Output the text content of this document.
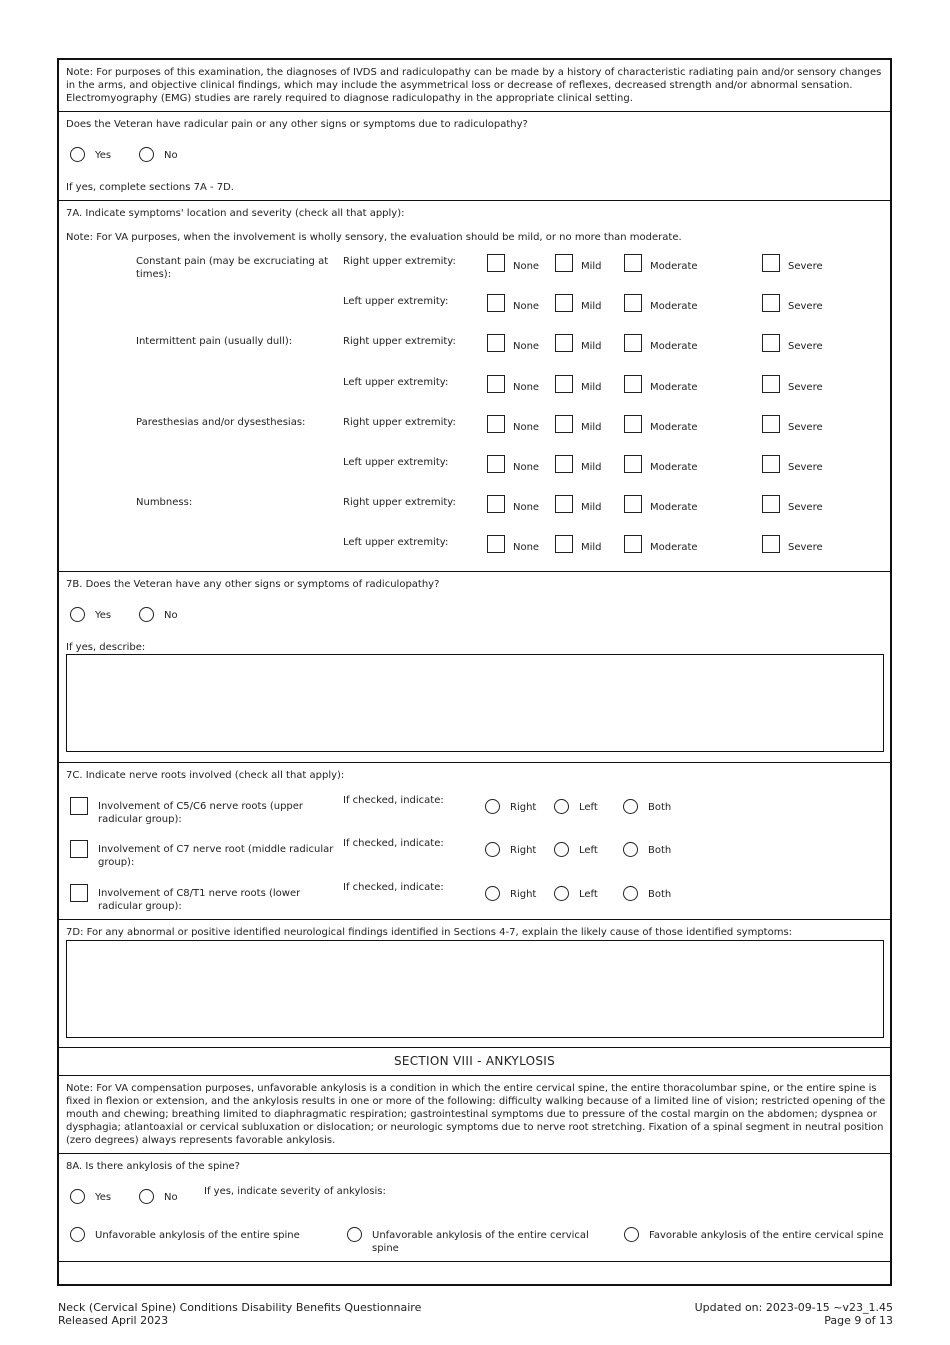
Note: For purposes of this examination, the diagnoses of IVDS and radiculopathy can be made by a history of characteristic radiating pain and/or sensory changes in the arms, and objective clinical findings, which may include the asymmetrical loss or decrease of reflexes, decreased strength and/or abnormal sensation. Electromyography (EMG) studies are rarely required to diagnose radiculopathy in the appropriate clinical setting.
Does the Veteran have radicular pain or any other signs or symptoms due to radiculopathy?
Yes	No
If yes, complete sections 7A - 7D.
7A. Indicate symptoms' location and severity (check all that apply):
Note: For VA purposes, when the involvement is wholly sensory, the evaluation should be mild, or no more than moderate.
Constant pain (may be excruciating at times):
Right upper extremity:	None	Mild	Moderate	Severe
Left upper extremity:	None	Mild	Moderate	Severe
Intermittent pain (usually dull):	Right upper extremity:	None	Mild	Moderate	Severe
Left upper extremity:	None	Mild	Moderate	Severe
Paresthesias and/or dysesthesias:	Right upper extremity:	None	Mild	Moderate	Severe
Left upper extremity:	None	Mild	Moderate	Severe
Numbness:	Right upper extremity:	None	Mild	Moderate	Severe
Left upper extremity:	None	Mild	Moderate	Severe
7B. Does the Veteran have any other signs or symptoms of radiculopathy?
Yes	No
If yes, describe:
7C. Indicate nerve roots involved (check all that apply):
Involvement of C5/C6 nerve roots (upper radicular group):
If checked, indicate:
Right	Left	Both
Involvement of C7 nerve root (middle radicular group):
If checked, indicate:
Right	Left	Both
Involvement of C8/T1 nerve roots (lower radicular group):
If checked, indicate:
Right	Left	Both
7D: For any abnormal or positive identified neurological findings identified in Sections 4-7, explain the likely cause of those identified symptoms:
SECTION VIII - ANKYLOSIS
Note: For VA compensation purposes, unfavorable ankylosis is a condition in which the entire cervical spine, the entire thoracolumbar spine, or the entire spine is fixed in flexion or extension, and the ankylosis results in one or more of the following: difficulty walking because of a limited line of vision; restricted opening of the mouth and chewing; breathing limited to diaphragmatic respiration; gastrointestinal symptoms due to pressure of the costal margin on the abdomen; dyspnea or dysphagia; atlantoaxial or cervical subluxation or dislocation; or neurologic symptoms due to nerve root stretching. Fixation of a spinal segment in neutral position (zero degrees) always represents favorable ankylosis.
8A. Is there ankylosis of the spine?
Yes	No
If yes, indicate severity of ankylosis:
Unfavorable ankylosis of the entire spine	Unfavorable ankylosis of the entire cervical spine
Favorable ankylosis of the entire cervical spine
Neck (Cervical Spine) Conditions Disability Benefits Questionnaire
Released April 2023
Updated on: 2023-09-15 ~v23_1.45
Page 9 of 13
